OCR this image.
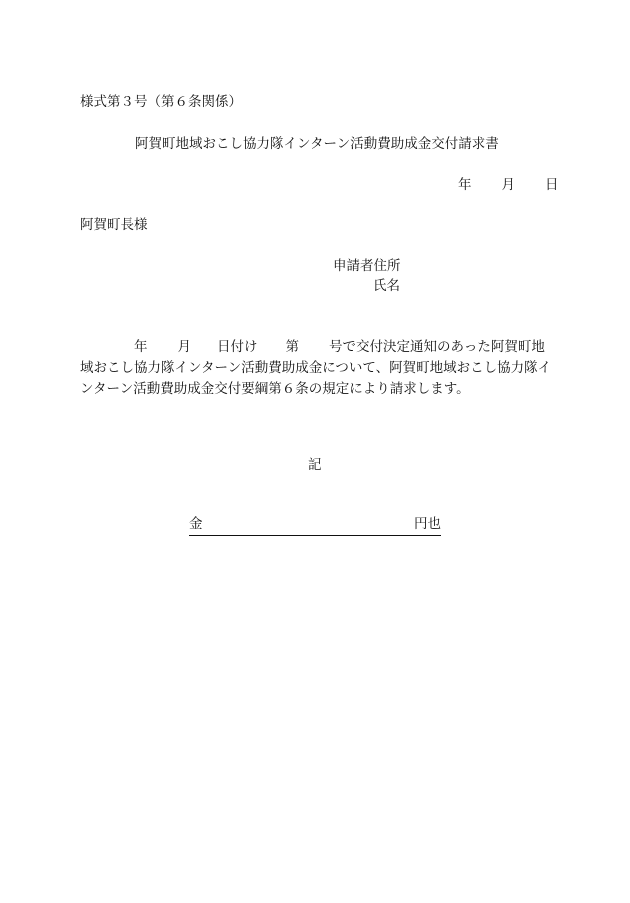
様式第３号（第６条関係）
阿賀町地域おこし協力隊インターン活動費助成金交付請求書
年 月 日
阿賀町長様
申請者住所
氏名
年 月 日付け 第 号で交付決定通知のあった阿賀町地
域おこし協力隊インターン活動費助成金について、阿賀町地域おこし協力隊イ
ンターン活動費助成金交付要綱第６条の規定により請求します。
記
金	円也
